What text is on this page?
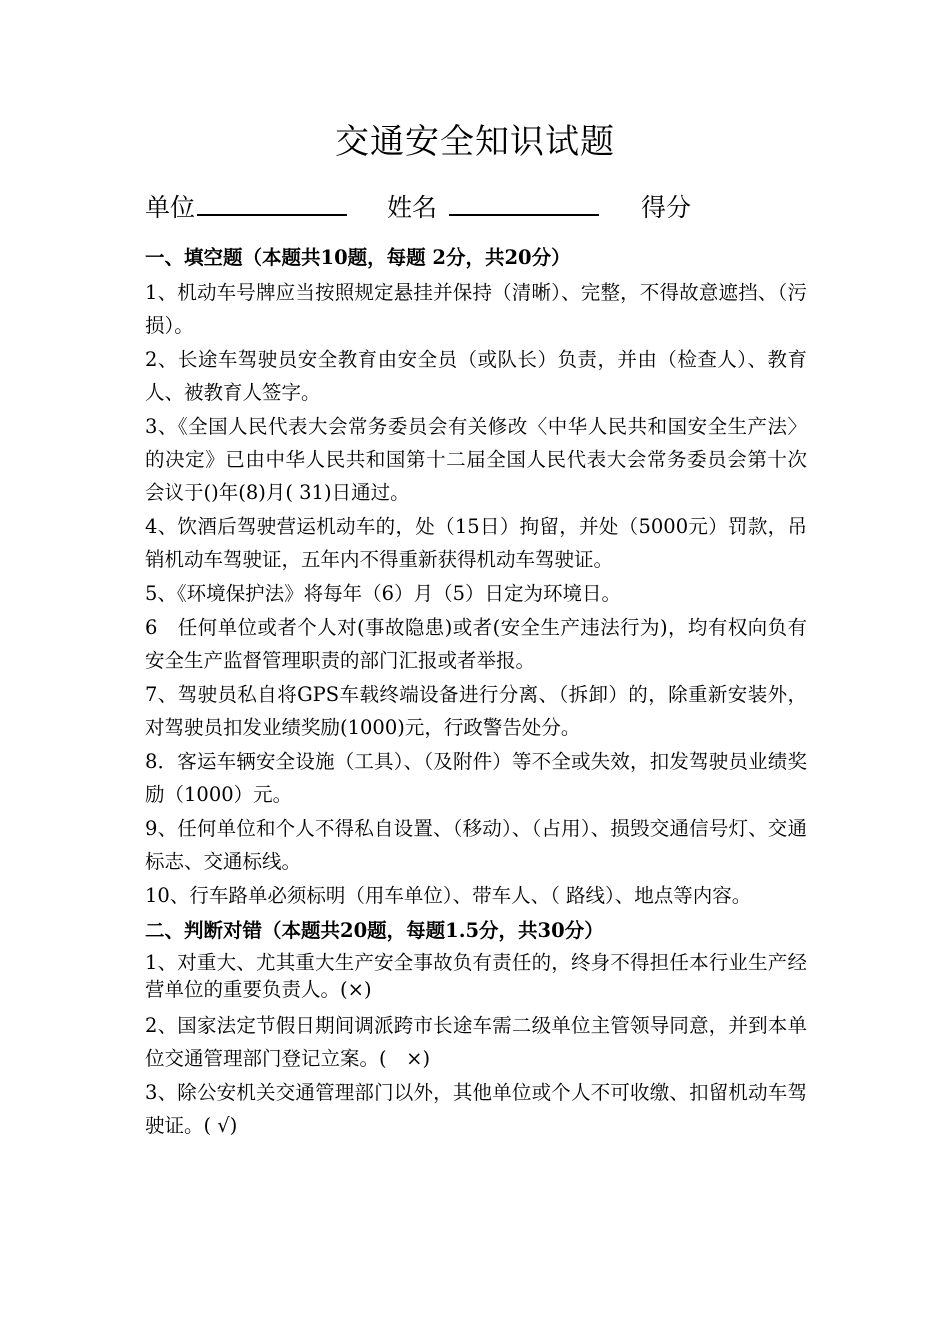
交通安全知识试题
单位	姓名	得分
一、填空题（本题共10题，每题 2分，共20分）

1、机动车号牌应当按照规定悬挂并保持（清晰）、完整，不得故意遮挡、（污损）。

2、长途车驾驶员安全教育由安全员（或队长）负责，并由（检查人）、教育人、被教育人签字。

3、《全国人民代表大会常务委员会有关修改〈中华人民共和国安全生产法〉的决定》已由中华人民共和国第十二届全国人民代表大会常务委员会第十次会议于()年(8)月( 31)日通过。

4、饮酒后驾驶营运机动车的，处（15日）拘留，并处（5000元）罚款，吊销机动车驾驶证，五年内不得重新获得机动车驾驶证。

5、《环境保护法》将每年（6）月（5）日定为环境日。

6　任何单位或者个人对(事故隐患)或者(安全生产违法行为)，均有权向负有安全生产监督管理职责的部门汇报或者举报。

7、驾驶员私自将GPS车载终端设备进行分离、（拆卸）的，除重新安装外，对驾驶员扣发业绩奖励(1000)元，行政警告处分。

8．客运车辆安全设施（工具）、（及附件）等不全或失效，扣发驾驶员业绩奖励（1000）元。

9、任何单位和个人不得私自设置、（移动）、（占用）、损毁交通信号灯、交通标志、交通标线。

10、行车路单必须标明（用车单位）、带车人、（ 路线）、地点等内容。

二、判断对错（本题共20题，每题1.5分，共30分）

1、对重大、尤其重大生产安全事故负有责任的，终身不得担任本行业生产经营单位的重要负责人。(×)

2、国家法定节假日期间调派跨市长途车需二级单位主管领导同意，并到本单位交通管理部门登记立案。(　×)

3、除公安机关交通管理部门以外，其他单位或个人不可收缴、扣留机动车驾驶证。( √)
